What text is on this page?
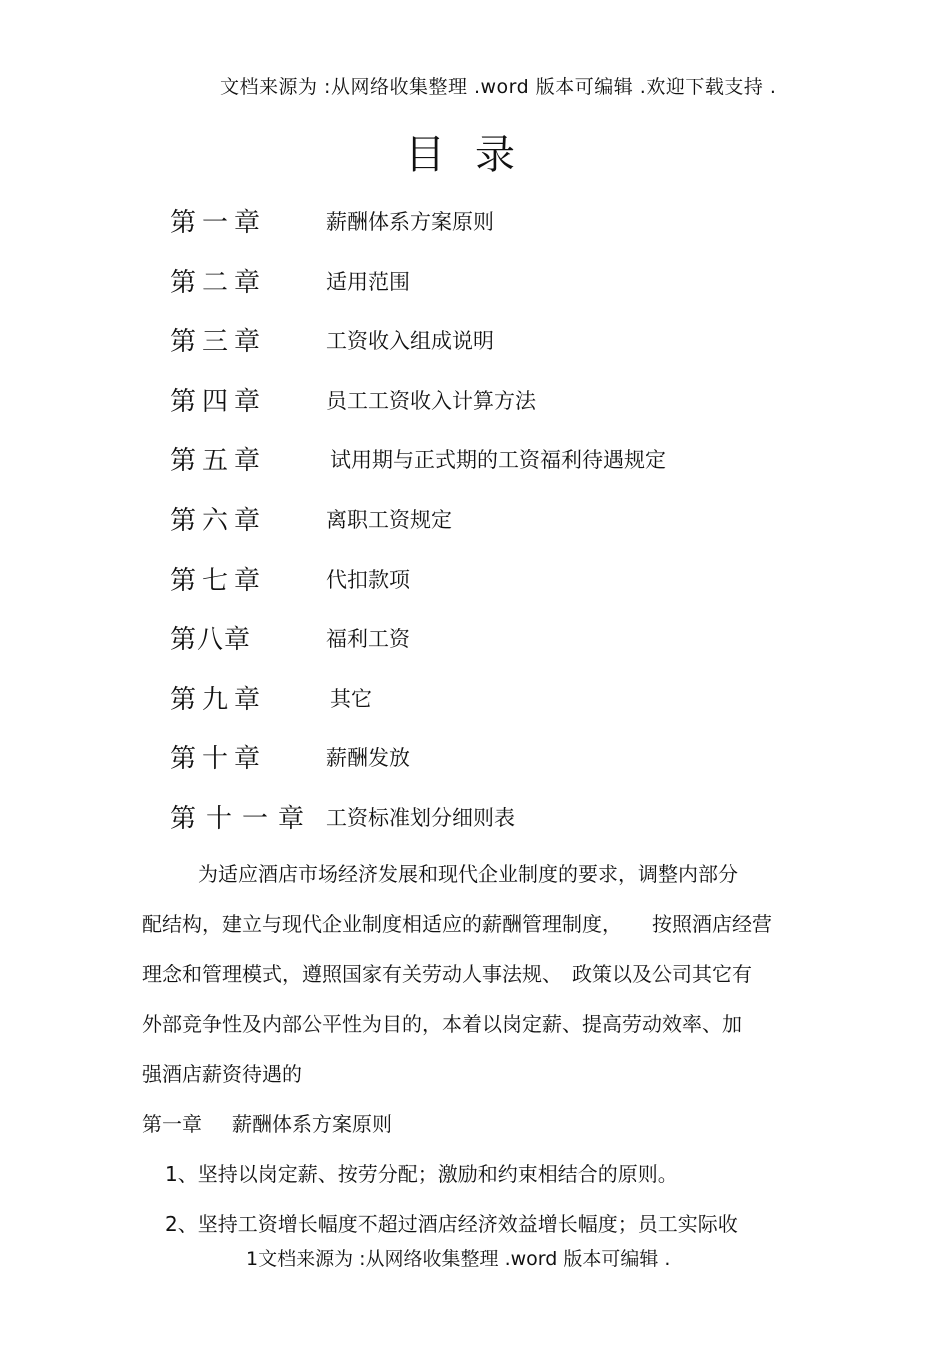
文档来源为 :从网络收集整理 .word 版本可编辑 .欢迎下载支持 .
目录
第一章	薪酬体系方案原则
第二章	适用范围
第三章	工资收入组成说明
第四章	员工工资收入计算方法
第五章	试用期与正式期的工资福利待遇规定
第六章	离职工资规定
第七章	代扣款项
第八章	福利工资
第九章	其它
第十章	薪酬发放
第十一章 工资标准划分细则表
为适应酒店市场经济发展和现代企业制度的要求，调整内部分
配结构，建立与现代企业制度相适应的薪酬管理制度，　　按照酒店经营
理念和管理模式，遵照国家有关劳动人事法规、　政策以及公司其它有
外部竞争性及内部公平性为目的，本着以岗定薪、提高劳动效率、加
强酒店薪资待遇的
第一章 薪酬体系方案原则
1、坚持以岗定薪、按劳分配；激励和约束相结合的原则。
2、坚持工资增长幅度不超过酒店经济效益增长幅度；员工实际收
1文档来源为 :从网络收集整理 .word 版本可编辑 .
